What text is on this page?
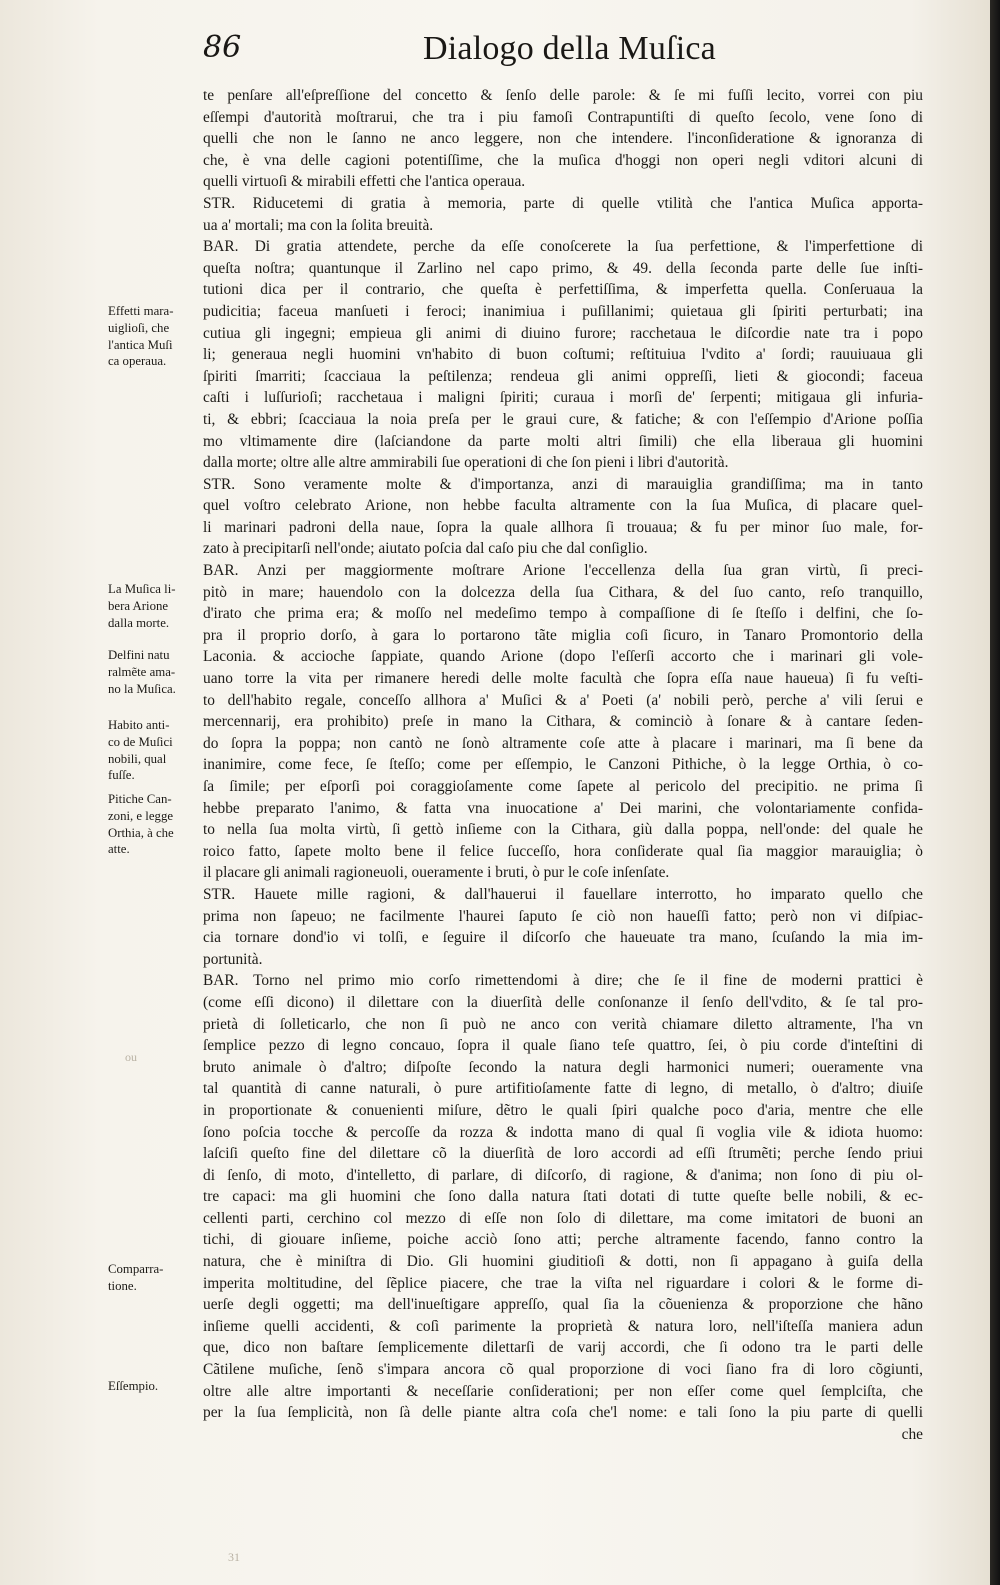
86	Dialogo della Muſica
te penſare all'eſpreſſione del concetto & ſenſo delle parole: & ſe mi fuſſi lecito, vorrei con piu
eſſempi d'autorità moſtrarui, che tra i piu famoſi Contrapuntiſti di queſto ſecolo, vene ſono di
quelli che non le ſanno ne anco leggere, non che intendere. l'inconſideratione & ignoranza di
che, è vna delle cagioni potentiſſime, che la muſica d'hoggi non operi negli vditori alcuni di
quelli virtuoſi & mirabili effetti che l'antica operaua.
STR. Riducetemi di gratia à memoria, parte di quelle vtilità che l'antica Muſica apporta-
ua a' mortali; ma con la ſolita breuità.
BAR. Di gratia attendete, perche da eſſe conoſcerete la ſua perfettione, & l'imperfettione di
queſta noſtra; quantunque il Zarlino nel capo primo, & 49. della ſeconda parte delle ſue inſti-
tutioni dica per il contrario, che queſta è perfettiſſima, & imperfetta quella. Conſeruaua la
pudicitia; faceua manſueti i feroci; inanimiua i puſillanimi; quietaua gli ſpiriti perturbati; ina
cutiua gli ingegni; empieua gli animi di diuino furore; racchetaua le diſcordie nate tra i popo
li; generaua negli huomini vn'habito di buon coſtumi; reſtituiua l'vdito a' ſordi; rauuiuaua gli
ſpiriti ſmarriti; ſcacciaua la peſtilenza; rendeua gli animi oppreſſi, lieti & giocondi; faceua
caſti i luſſurioſi; racchetaua i maligni ſpiriti; curaua i morſi de' ſerpenti; mitigaua gli infuria-
ti, & ebbri; ſcacciaua la noia preſa per le graui cure, & fatiche; & con l'eſſempio d'Arione poſſia
mo vltimamente dire (laſciandone da parte molti altri ſimili) che ella liberaua gli huomini
dalla morte; oltre alle altre ammirabili ſue operationi di che ſon pieni i libri d'autorità.
STR. Sono veramente molte & d'importanza, anzi di marauiglia grandiſſima; ma in tanto
quel voſtro celebrato Arione, non hebbe faculta altramente con la ſua Muſica, di placare quel-
li marinari padroni della naue, ſopra la quale allhora ſi trouaua; & fu per minor ſuo male, for-
zato à precipitarſi nell'onde; aiutato poſcia dal caſo piu che dal conſiglio.
BAR. Anzi per maggiormente moſtrare Arione l'eccellenza della ſua gran virtù, ſi preci-
pitò in mare; hauendolo con la dolcezza della ſua Cithara, & del ſuo canto, reſo tranquillo,
d'irato che prima era; & moſſo nel medeſimo tempo à compaſſione di ſe ſteſſo i delfini, che ſo-
pra il proprio dorſo, à gara lo portarono tãte miglia coſi ſicuro, in Tanaro Promontorio della
Laconia. & accioche ſappiate, quando Arione (dopo l'eſſerſi accorto che i marinari gli vole-
uano torre la vita per rimanere heredi delle molte facultà che ſopra eſſa naue haueua) ſi fu veſti-
to dell'habito regale, conceſſo allhora a' Muſici & a' Poeti (a' nobili però, perche a' vili ſerui e
mercennarij, era prohibito) preſe in mano la Cithara, & cominciò à ſonare & à cantare ſeden-
do ſopra la poppa; non cantò ne ſonò altramente coſe atte à placare i marinari, ma ſi bene da
inanimire, come fece, ſe ſteſſo; come per eſſempio, le Canzoni Pithiche, ò la legge Orthia, ò co-
ſa ſimile; per eſporſi poi coraggioſamente come ſapete al pericolo del precipitio. ne prima ſi
hebbe preparato l'animo, & fatta vna inuocatione a' Dei marini, che volontariamente confida-
to nella ſua molta virtù, ſi gettò inſieme con la Cithara, giù dalla poppa, nell'onde: del quale he
roico fatto, ſapete molto bene il felice ſucceſſo, hora conſiderate qual ſia maggior marauiglia; ò
il placare gli animali ragioneuoli, oueramente i bruti, ò pur le coſe inſenſate.
STR. Hauete mille ragioni, & dall'hauerui il fauellare interrotto, ho imparato quello che
prima non ſapeuo; ne facilmente l'haurei ſaputo ſe ciò non haueſſi fatto; però non vi diſpiac-
cia tornare dond'io vi tolſi, e ſeguire il diſcorſo che haueuate tra mano, ſcuſando la mia im-
portunità.
BAR. Torno nel primo mio corſo rimettendomi à dire; che ſe il fine de moderni prattici è
(come eſſi dicono) il dilettare con la diuerſità delle conſonanze il ſenſo dell'vdito, & ſe tal pro-
prietà di ſolleticarlo, che non ſi può ne anco con verità chiamare diletto altramente, l'ha vn
ſemplice pezzo di legno concauo, ſopra il quale ſiano teſe quattro, ſei, ò piu corde d'inteſtini di
bruto animale ò d'altro; diſpoſte ſecondo la natura degli harmonici numeri; oueramente vna
tal quantità di canne naturali, ò pure artifitioſamente fatte di legno, di metallo, ò d'altro; diuiſe
in proportionate & conuenienti miſure, dẽtro le quali ſpiri qualche poco d'aria, mentre che elle
ſono poſcia tocche & percoſſe da rozza & indotta mano di qual ſi voglia vile & idiota huomo:
laſciſi queſto fine del dilettare cõ la diuerſità de loro accordi ad eſſi ſtrumẽti; perche ſendo priui
di ſenſo, di moto, d'intelletto, di parlare, di diſcorſo, di ragione, & d'anima; non ſono di piu ol-
tre capaci: ma gli huomini che ſono dalla natura ſtati dotati di tutte queſte belle nobili, & ec-
cellenti parti, cerchino col mezzo di eſſe non ſolo di dilettare, ma come imitatori de buoni an
tichi, di giouare inſieme, poiche acciò ſono atti; perche altramente facendo, fanno contro la
natura, che è miniſtra di Dio. Gli huomini giuditioſi & dotti, non ſi appagano à guiſa della
imperita moltitudine, del ſẽplice piacere, che trae la viſta nel riguardare i colori & le forme di-
uerſe degli oggetti; ma dell'inueſtigare appreſſo, qual ſia la cõuenienza & proporzione che hãno
inſieme quelli accidenti, & coſì parimente la proprietà & natura loro, nell'iſteſſa maniera adun
que, dico non baſtare ſemplicemente dilettarſi de varij accordi, che ſi odono tra le parti delle
Cãtilene muſiche, ſenõ s'impara ancora cõ qual proporzione di voci ſiano fra di loro cõgiunti,
oltre alle altre importanti & neceſſarie conſiderationi; per non eſſer come quel ſemplciſta, che
per la ſua ſemplicità, non ſà delle piante altra coſa che'l nome: e tali ſono la piu parte di quelli
che
Effetti mara-
uiglioſi, che
l'antica Muſi
ca operaua.
La Muſica li-
bera Arione
dalla morte.
Delfini natu
ralmẽte ama-
no la Muſica.
Habito anti-
co de Muſici
nobili, qual
fuſſe.
Pitiche Can-
zoni, e legge
Orthia, à che
atte.
Comparra-
tione.
Eſſempio.
ou
31
